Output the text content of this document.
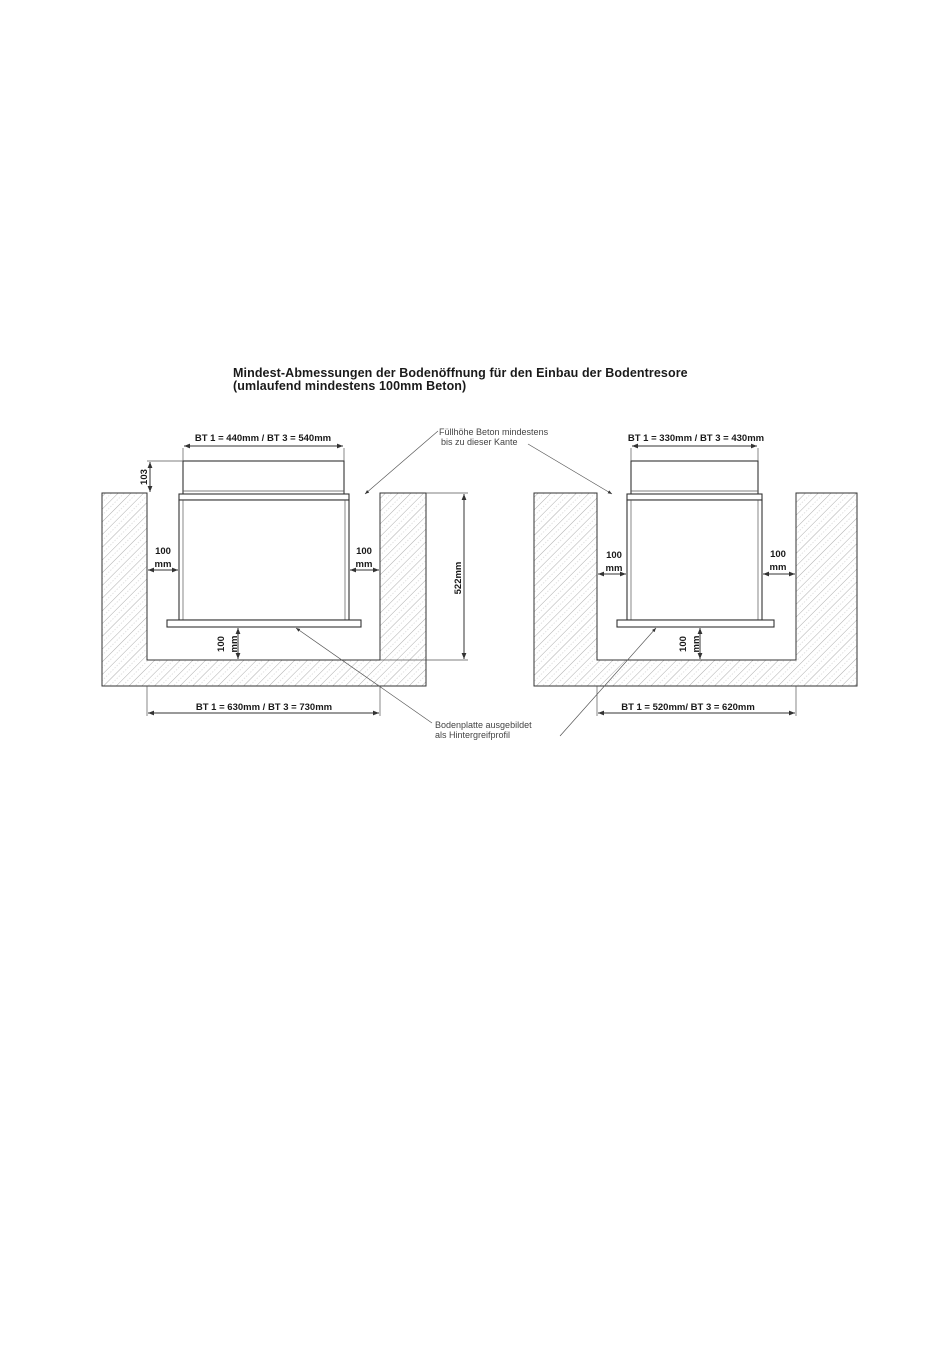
Mindest-Abmessungen der Bodenöffnung für den Einbau der Bodentresore
(umlaufend mindestens 100mm Beton)
BT 1 = 440mm / BT 3 = 540mm
103
100
mm
100
mm
100 mm
522mm
BT 1 = 630mm / BT 3 = 730mm
BT 1 = 330mm / BT 3 = 430mm
100
mm
100
mm
100 mm
BT 1 = 520mm/ BT 3 = 620mm
Füllhöhe Beton mindestens
bis zu dieser Kante
Bodenplatte ausgebildet
als Hintergreifprofil
